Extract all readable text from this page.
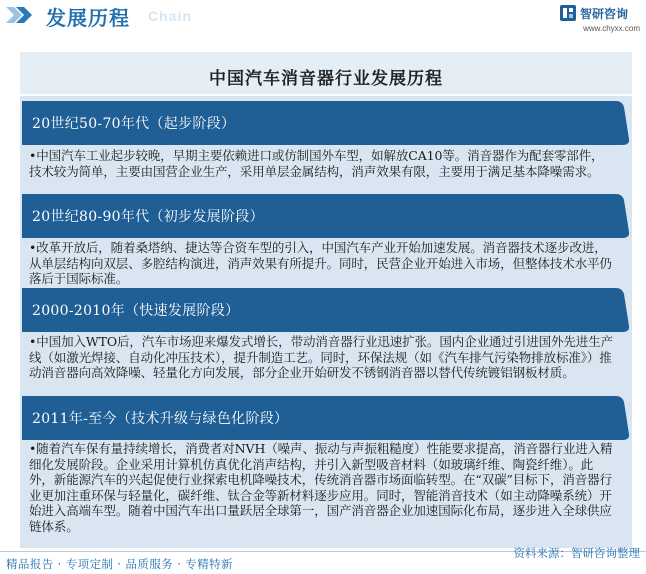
发展历程 Chain	智研咨询
www.chyxx.com
中国汽车消音器行业发展历程
20世纪50-70年代（起步阶段）
•中国汽车工业起步较晚，早期主要依赖进口或仿制国外车型，如解放CA10等。消音器作为配套零部件，技术较为简单，主要由国营企业生产，采用单层金属结构，消声效果有限，主要用于满足基本降噪需求。
20世纪80-90年代（初步发展阶段）
•改革开放后，随着桑塔纳、捷达等合资车型的引入，中国汽车产业开始加速发展。消音器技术逐步改进，从单层结构向双层、多腔结构演进，消声效果有所提升。同时，民营企业开始进入市场，但整体技术水平仍落后于国际标准。
2000-2010年（快速发展阶段）
•中国加入WTO后，汽车市场迎来爆发式增长，带动消音器行业迅速扩张。国内企业通过引进国外先进生产线（如激光焊接、自动化冲压技术），提升制造工艺。同时，环保法规（如《汽车排气污染物排放标准》）推动消音器向高效降噪、轻量化方向发展，部分企业开始研发不锈钢消音器以替代传统镀铝钢板材质。
2011年-至今（技术升级与绿色化阶段）
•随着汽车保有量持续增长，消费者对NVH（噪声、振动与声振粗糙度）性能要求提高，消音器行业进入精细化发展阶段。企业采用计算机仿真优化消声结构，并引入新型吸音材料（如玻璃纤维、陶瓷纤维）。此外，新能源汽车的兴起促使行业探索电机降噪技术，传统消音器市场面临转型。在“双碳”目标下，消音器行业更加注重环保与轻量化，碳纤维、钛合金等新材料逐步应用。同时，智能消音技术（如主动降噪系统）开始进入高端车型。随着中国汽车出口量跃居全球第一，国产消音器企业加速国际化布局，逐步进入全球供应链体系。
精品报告 · 专项定制 · 品质服务 · 专精特新
资料来源：智研咨询整理
